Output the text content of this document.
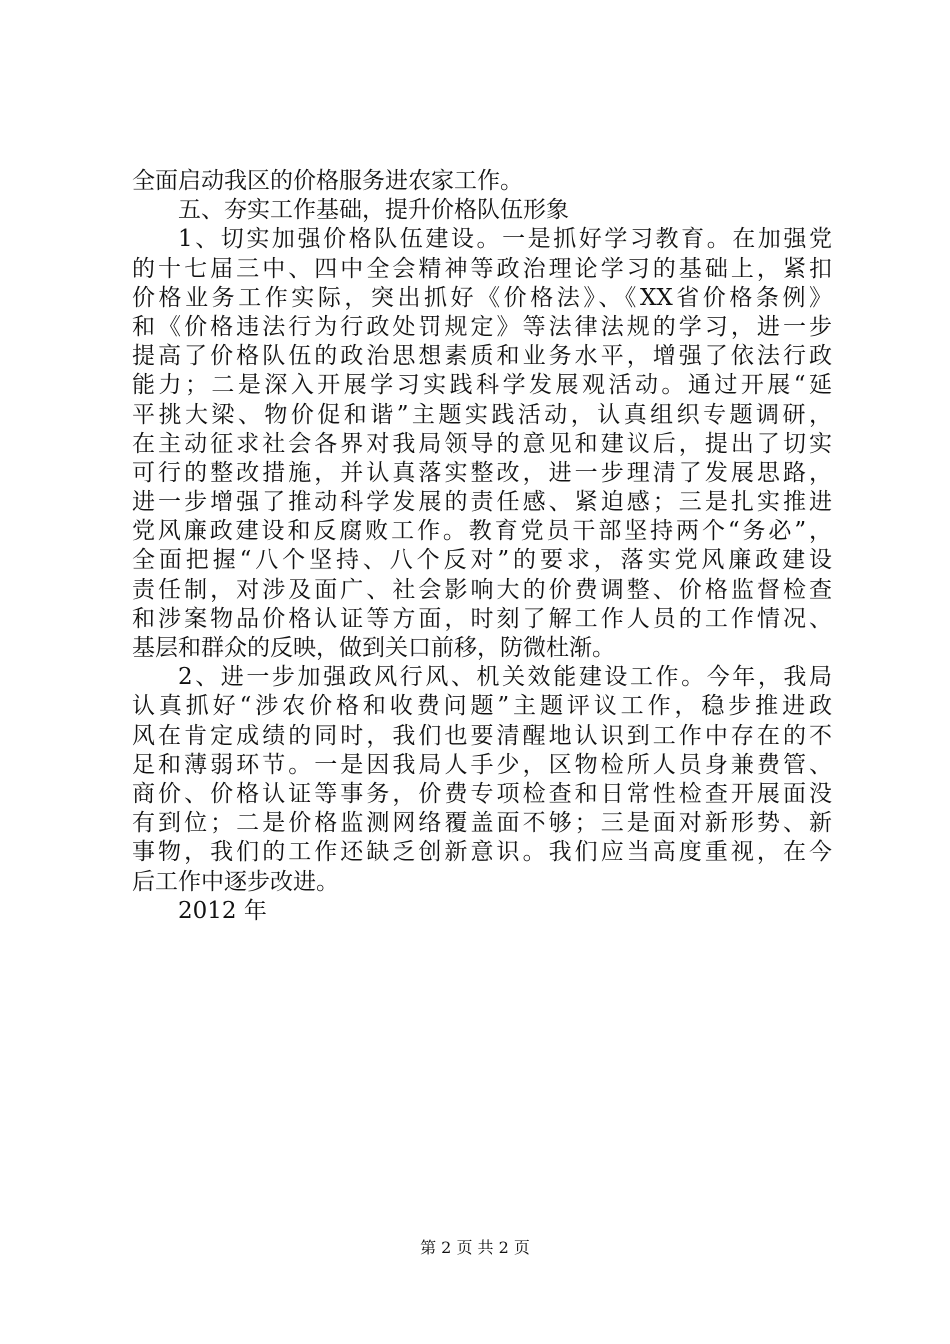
全面启动我区的价格服务进农家工作。
五、夯实工作基础，提升价格队伍形象
1、切实加强价格队伍建设。一是抓好学习教育。在加强党
的十七届三中、四中全会精神等政治理论学习的基础上，紧扣
价格业务工作实际，突出抓好《价格法》、《XX省价格条例》
和《价格违法行为行政处罚规定》等法律法规的学习，进一步
提高了价格队伍的政治思想素质和业务水平，增强了依法行政
能力；二是深入开展学习实践科学发展观活动。通过开展“延
平挑大梁、物价促和谐”主题实践活动，认真组织专题调研，
在主动征求社会各界对我局领导的意见和建议后，提出了切实
可行的整改措施，并认真落实整改，进一步理清了发展思路，
进一步增强了推动科学发展的责任感、紧迫感；三是扎实推进
党风廉政建设和反腐败工作。教育党员干部坚持两个“务必”，
全面把握“八个坚持、八个反对”的要求，落实党风廉政建设
责任制，对涉及面广、社会影响大的价费调整、价格监督检查
和涉案物品价格认证等方面，时刻了解工作人员的工作情况、
基层和群众的反映，做到关口前移，防微杜渐。
2、进一步加强政风行风、机关效能建设工作。今年，我局
认真抓好“涉农价格和收费问题”主题评议工作，稳步推进政
风在肯定成绩的同时，我们也要清醒地认识到工作中存在的不
足和薄弱环节。一是因我局人手少，区物检所人员身兼费管、
商价、价格认证等事务，价费专项检查和日常性检查开展面没
有到位；二是价格监测网络覆盖面不够；三是面对新形势、新
事物，我们的工作还缺乏创新意识。我们应当高度重视，在今
后工作中逐步改进。
2012 年
第 2 页 共 2 页
